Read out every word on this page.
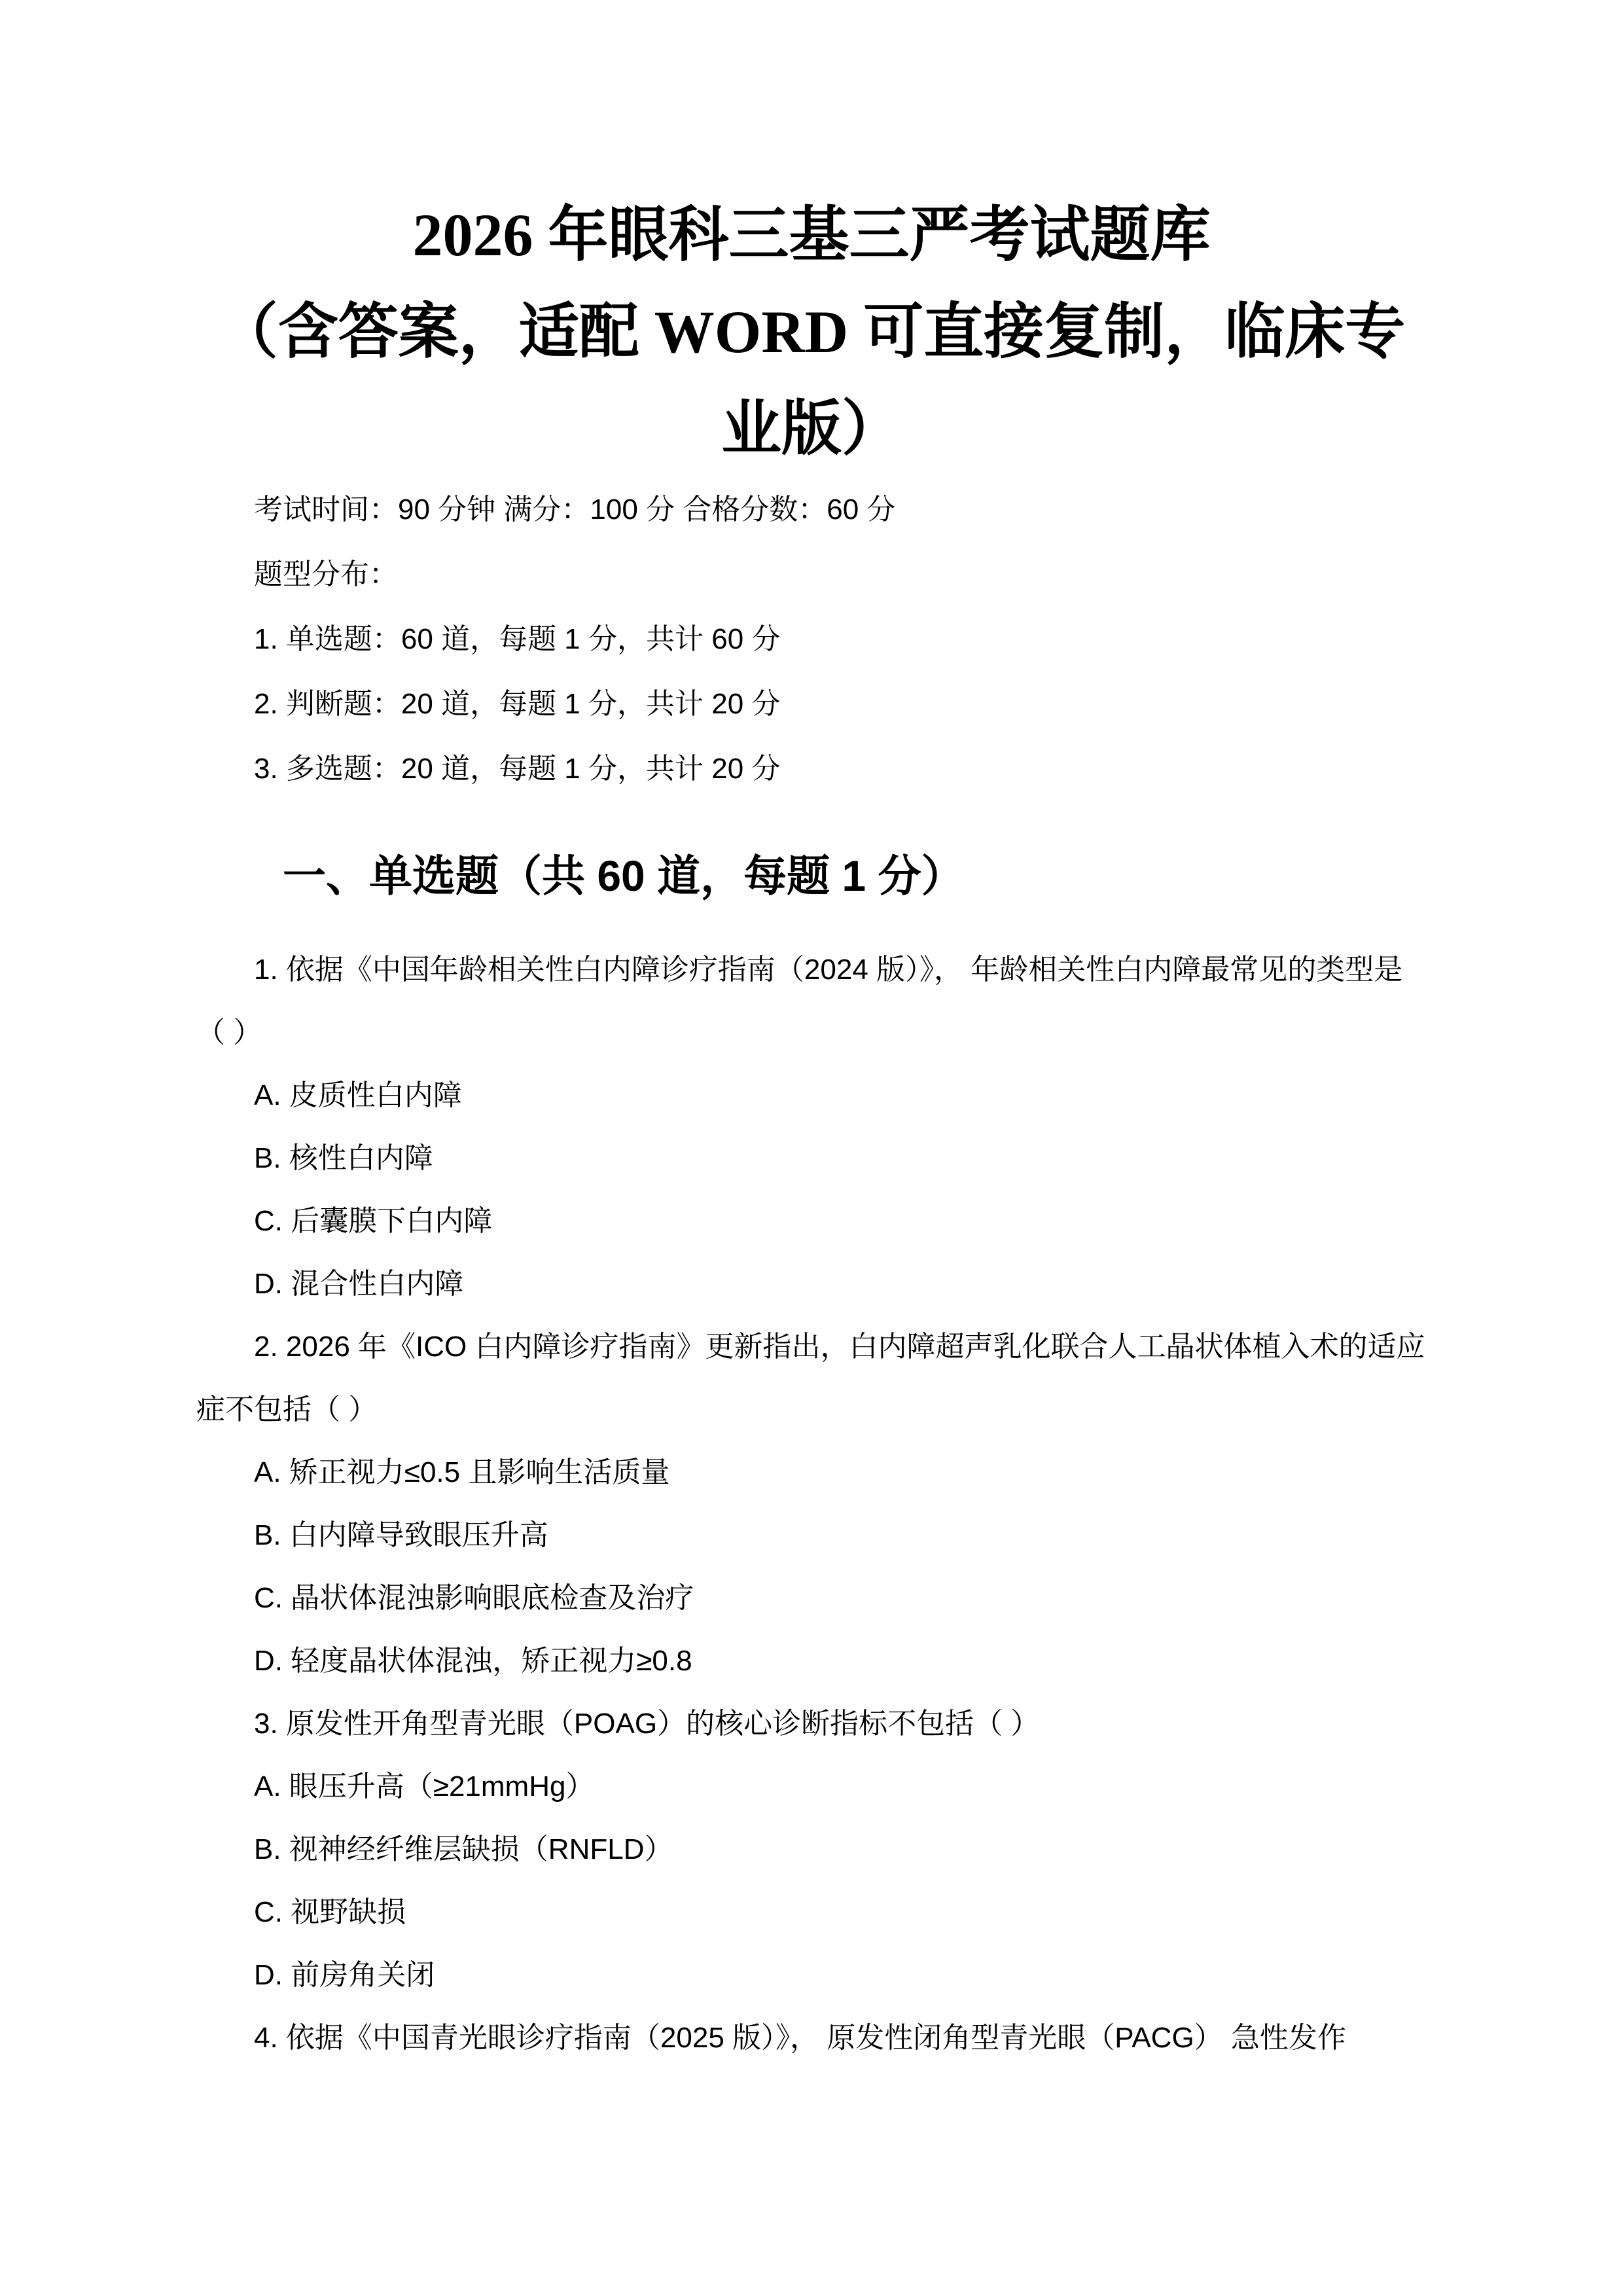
2026 年眼科三基三严考试题库
（含答案，适配 WORD 可直接复制，临床专业版）

考试时间：90 分钟 满分：100 分 合格分数：60 分

题型分布：

1. 单选题：60 道，每题 1 分，共计 60 分

2. 判断题：20 道，每题 1 分，共计 20 分

3. 多选题：20 道，每题 1 分，共计 20 分

一、单选题（共 60 道，每题 1 分）

1. 依据《中国年龄相关性白内障诊疗指南（2024 版）》， 年龄相关性白内障最常见的类型是（ ）

A. 皮质性白内障

B. 核性白内障

C. 后囊膜下白内障

D. 混合性白内障

2. 2026 年《ICO 白内障诊疗指南》更新指出，白内障超声乳化联合人工晶状体植入术的适应症不包括（ ）

A. 矫正视力≤0.5 且影响生活质量

B. 白内障导致眼压升高

C. 晶状体混浊影响眼底检查及治疗

D. 轻度晶状体混浊，矫正视力≥0.8

3. 原发性开角型青光眼（POAG）的核心诊断指标不包括（ ）

A. 眼压升高（≥21mmHg）

B. 视神经纤维层缺损（RNFLD）

C. 视野缺损

D. 前房角关闭

4. 依据《中国青光眼诊疗指南（2025 版）》， 原发性闭角型青光眼（PACG） 急性发作
